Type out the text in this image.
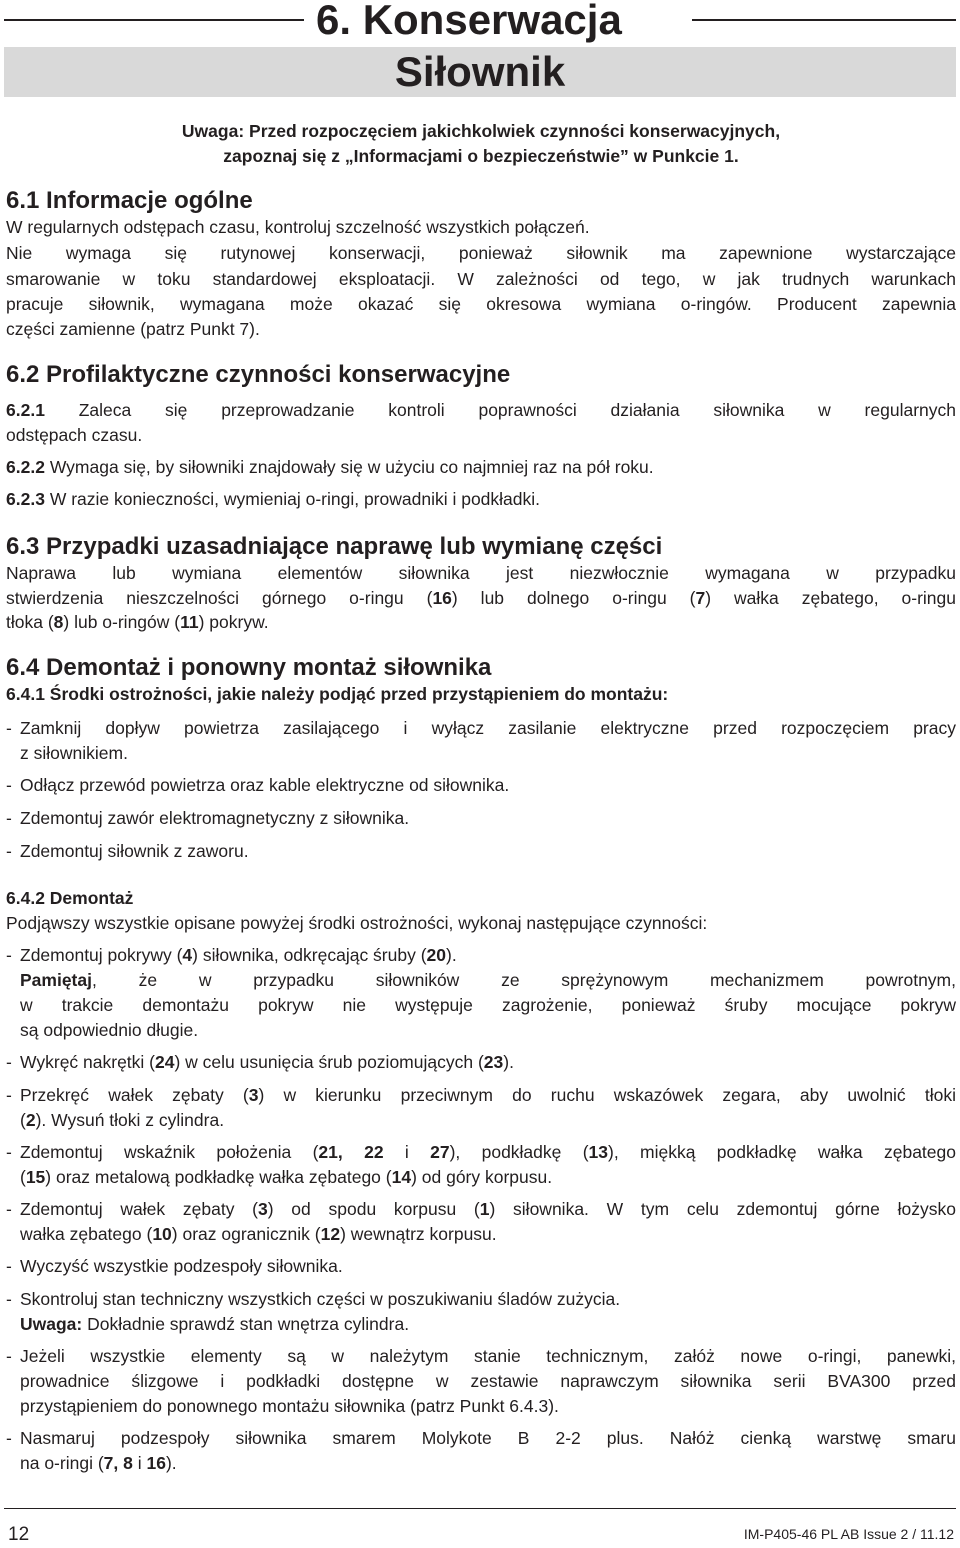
6. Konserwacja
Siłownik
Uwaga: Przed rozpoczęciem jakichkolwiek czynności konserwacyjnych,
zapoznaj się z „Informacjami o bezpieczeństwie” w Punkcie 1.
6.1 Informacje ogólne
W regularnych odstępach czasu, kontroluj szczelność wszystkich połączeń.
Nie wymaga się rutynowej konserwacji, ponieważ siłownik ma zapewnione wystarczające
smarowanie w toku standardowej eksploatacji. W zależności od tego, w jak trudnych warunkach
pracuje siłownik, wymagana może okazać się okresowa wymiana o-ringów. Producent zapewnia
części zamienne (patrz Punkt 7).
6.2 Profilaktyczne czynności konserwacyjne
6.2.1 Zaleca się przeprowadzanie kontroli poprawności działania siłownika w regularnych
odstępach czasu.
6.2.2 Wymaga się, by siłowniki znajdowały się w użyciu co najmniej raz na pół roku.
6.2.3 W razie konieczności, wymieniaj o-ringi, prowadniki i podkładki.
6.3 Przypadki uzasadniające naprawę lub wymianę części
Naprawa lub wymiana elementów siłownika jest niezwłocznie wymagana w przypadku
stwierdzenia nieszczelności górnego o-ringu (16) lub dolnego o-ringu (7) wałka zębatego, o-ringu
tłoka (8) lub o-ringów (11) pokryw.
6.4 Demontaż i ponowny montaż siłownika
6.4.1 Środki ostrożności, jakie należy podjąć przed przystąpieniem do montażu:
- Zamknij dopływ powietrza zasilającego i wyłącz zasilanie elektryczne przed rozpoczęciem pracy
z siłownikiem.
- Odłącz przewód powietrza oraz kable elektryczne od siłownika.
- Zdemontuj zawór elektromagnetyczny z siłownika.
- Zdemontuj siłownik z zaworu.
6.4.2 Demontaż
Podjąwszy wszystkie opisane powyżej środki ostrożności, wykonaj następujące czynności:
- Zdemontuj pokrywy (4) siłownika, odkręcając śruby (20).
Pamiętaj, że w przypadku siłowników ze sprężynowym mechanizmem powrotnym,
w trakcie demontażu pokryw nie występuje zagrożenie, ponieważ śruby mocujące pokryw
są odpowiednio długie.
- Wykręć nakrętki (24) w celu usunięcia śrub poziomujących (23).
- Przekręć wałek zębaty (3) w kierunku przeciwnym do ruchu wskazówek zegara, aby uwolnić tłoki
(2). Wysuń tłoki z cylindra.
- Zdemontuj wskaźnik położenia (21, 22 i 27), podkładkę (13), miękką podkładkę wałka zębatego
(15) oraz metalową podkładkę wałka zębatego (14) od góry korpusu.
- Zdemontuj wałek zębaty (3) od spodu korpusu (1) siłownika. W tym celu zdemontuj górne łożysko
wałka zębatego (10) oraz ogranicznik (12) wewnątrz korpusu.
- Wyczyść wszystkie podzespoły siłownika.
- Skontroluj stan techniczny wszystkich części w poszukiwaniu śladów zużycia.
Uwaga: Dokładnie sprawdź stan wnętrza cylindra.
- Jeżeli wszystkie elementy są w należytym stanie technicznym, załóż nowe o-ringi, panewki,
prowadnice ślizgowe i podkładki dostępne w zestawie naprawczym siłownika serii BVA300 przed
przystąpieniem do ponownego montażu siłownika (patrz Punkt 6.4.3).
- Nasmaruj podzespoły siłownika smarem Molykote B 2-2 plus. Nałóż cienką warstwę smaru
na o-ringi (7, 8 i 16).
12	IM-P405-46 PL AB Issue 2 / 11.12
